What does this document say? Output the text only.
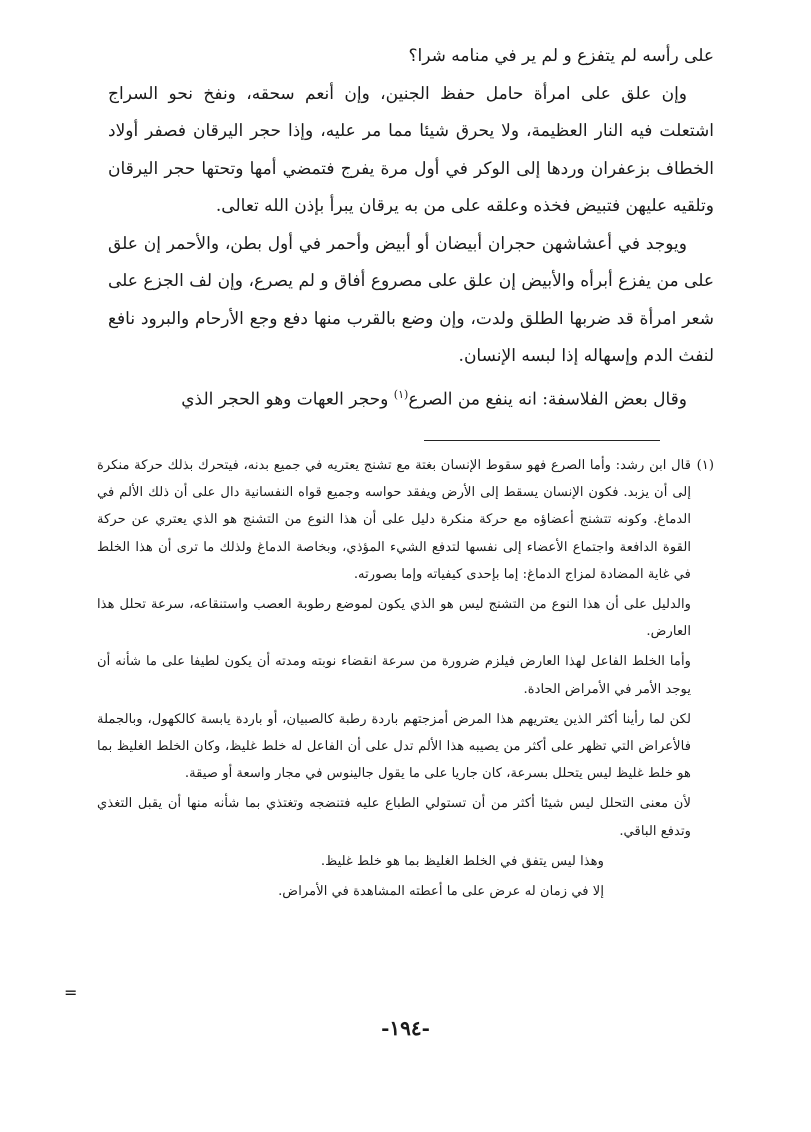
على رأسه لم يتفزع و لم ير في منامه شرا؟

وإن علق على امرأة حامل حفظ الجنين، وإن أنعم سحقه، ونفخ نحو السراج اشتعلت فيه النار العظيمة، ولا يحرق شيئا مما مر عليه، وإذا حجر اليرقان فصفر أولاد الخطاف بزعفران وردها إلى الوكر في أول مرة يفرج فتمضي أمها وتحتها حجر اليرقان وتلقيه عليهن فتبيض فخذه وعلقه على من به يرقان يبرأ بإذن الله تعالى.

ويوجد في أعشاشهن حجران أبيضان أو أبيض وأحمر في أول بطن، والأحمر إن علق على من يفزع أبرأه والأبيض إن علق على مصروع أفاق و لم يصرع، وإن لف الجزع على شعر امرأة قد ضربها الطلق ولدت، وإن وضع بالقرب منها دفع وجع الأرحام والبرود نافع لنفث الدم وإسهاله إذا لبسه الإنسان.

وقال بعض الفلاسفة: انه ينفع من الصرع$^{(١)}$ وحجر العهات وهو الحجر الذي

(١)قال ابن رشد: وأما الصرع فهو سقوط الإنسان بغتة مع تشنج يعتريه في جميع بدنه، فيتحرك بذلك حركة منكرة إلى أن يزبد. فكون الإنسان يسقط إلى الأرض ويفقد حواسه وجميع قواه النفسانية دال على أن ذلك الألم في الدماغ. وكونه تتشنج أعضاؤه مع حركة منكرة دليل على أن هذا النوع من التشنج هو الذي يعتري عن حركة القوة الدافعة واجتماع الأعضاء إلى نفسها لتدفع الشيء المؤذي، وبخاصة الدماغ ولذلك ما ترى أن هذا الخلط في غاية المضادة لمزاج الدماغ: إما بإحدى كيفياته وإما بصورته.

والدليل على أن هذا النوع من التشنج ليس هو الذي يكون لموضع رطوبة العصب واستنقاعه، سرعة تحلل هذا العارض.

وأما الخلط الفاعل لهذا العارض فيلزم ضرورة من سرعة انقضاء نوبته ومدته أن يكون لطيفا على ما شأنه أن يوجد الأمر في الأمراض الحادة.

لكن لما رأينا أكثر الذين يعتريهم هذا المرض أمزجتهم باردة رطبة كالصبيان، أو باردة يابسة كالكهول، وبالجملة فالأعراض التي تظهر على أكثر من يصيبه هذا الألم تدل على أن الفاعل له خلط غليظ، وكان الخلط الغليظ بما هو خلط غليظ ليس يتحلل بسرعة، كان جاريا على ما يقول جالينوس في مجار واسعة أو صيقة.

لأن معنى التحلل ليس شيئا أكثر من أن تستولي الطباع عليه فتنضجه وتغتذي بما شأنه منها أن يقبل التغذي وتدفع الباقي.

وهذا ليس يتفق في الخلط الغليظ بما هو خلط غليظ.

إلا في زمان له عرض على ما أعطته المشاهدة في الأمراض.

=
-١٩٤-
